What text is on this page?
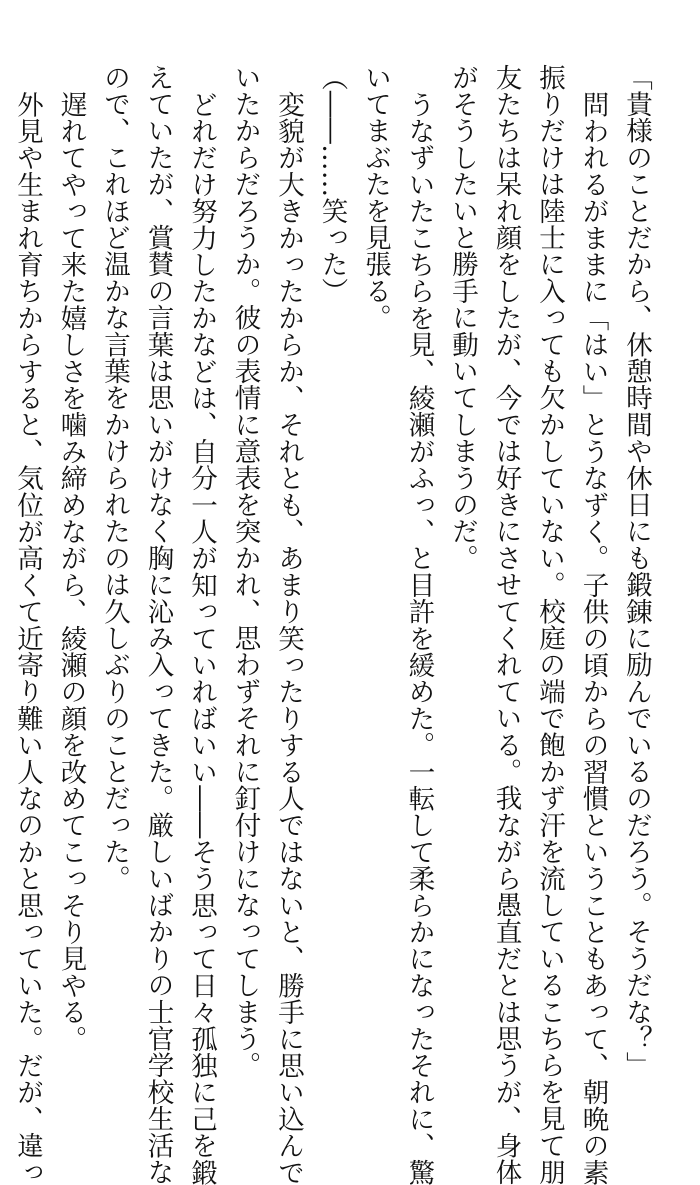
「貴様のことだから、休憩時間や休日にも鍛錬に励んでいるのだろう。そうだな？」
問われるがままに「はい」とうなずく。子供の頃からの習慣ということもあって、朝晩の素
振りだけは陸士に入っても欠かしていない。校庭の端で飽かず汗を流しているこちらを見て朋
友たちは呆れ顔をしたが、今では好きにさせてくれている。我ながら愚直だとは思うが、身体
がそうしたいと勝手に動いてしまうのだ。
うなずいたこちらを見、綾瀬がふっ、と目許を緩めた。一転して柔らかになったそれに、驚
いてまぶたを見張る。
（――……笑った）
変貌が大きかったからか、それとも、あまり笑ったりする人ではないと、勝手に思い込んで
いたからだろうか。彼の表情に意表を突かれ、思わずそれに釘付けになってしまう。
どれだけ努力したかなどは、自分一人が知っていればいい――そう思って日々孤独に己を鍛
えていたが、賞賛の言葉は思いがけなく胸に沁み入ってきた。厳しいばかりの士官学校生活な
ので、これほど温かな言葉をかけられたのは久しぶりのことだった。
遅れてやって来た嬉しさを噛み締めながら、綾瀬の顔を改めてこっそり見やる。
外見や生まれ育ちからすると、気位が高くて近寄り難い人なのかと思っていた。だが、違っ
